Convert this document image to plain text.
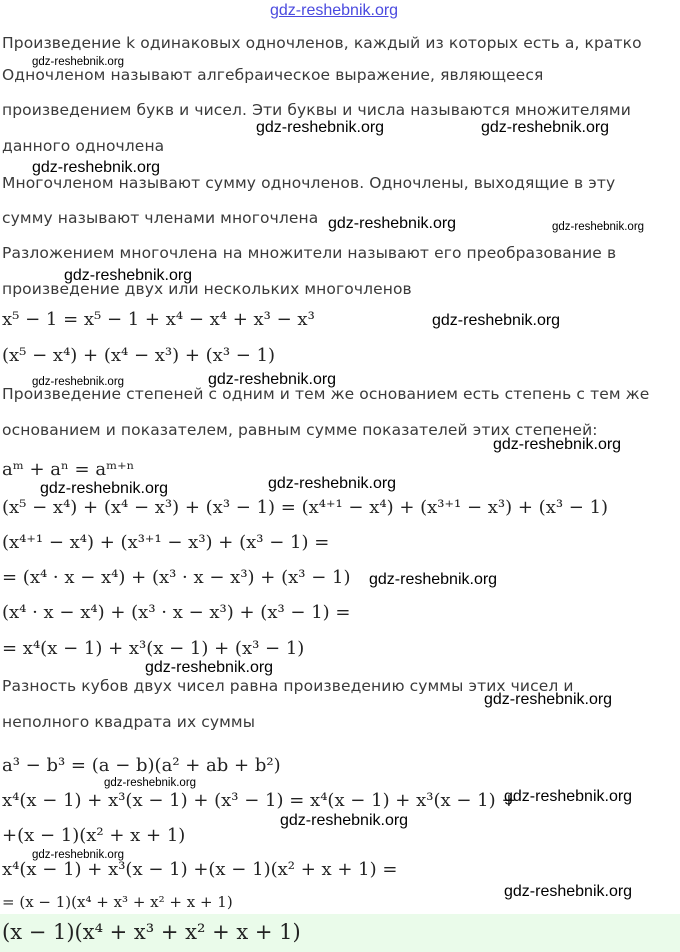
gdz-reshebnik.org
Произведение k одинаковых одночленов, каждый из которых есть a, кратко
Одночленом называют алгебраическое выражение, являющееся
произведением букв и чисел. Эти буквы и числа называются множителями
данного одночлена
Многочленом называют сумму одночленов. Одночлены, выходящие в эту
сумму называют членами многочлена
Разложением многочлена на множители называют его преобразование в
произведение двух или нескольких многочленов
x⁵ − 1 = x⁵ − 1 + x⁴ − x⁴ + x³ − x³
(x⁵ − x⁴) + (x⁴ − x³) + (x³ − 1)
Произведение степеней с одним и тем же основанием есть степень с тем же
основанием и показателем, равным сумме показателей этих степеней:
aᵐ + aⁿ = aᵐ⁺ⁿ
(x⁵ − x⁴) + (x⁴ − x³) + (x³ − 1) = (x⁴⁺¹ − x⁴) + (x³⁺¹ − x³) + (x³ − 1)
(x⁴⁺¹ − x⁴) + (x³⁺¹ − x³) + (x³ − 1) =
= (x⁴ · x − x⁴) + (x³ · x − x³) + (x³ − 1)
(x⁴ · x − x⁴) + (x³ · x − x³) + (x³ − 1) =
= x⁴(x − 1) + x³(x − 1) + (x³ − 1)
Разность кубов двух чисел равна произведению суммы этих чисел и
неполного квадрата их суммы
a³ − b³ = (a − b)(a² + ab + b²)
x⁴(x − 1) + x³(x − 1) + (x³ − 1) = x⁴(x − 1) + x³(x − 1) +
+(x − 1)(x² + x + 1)
x⁴(x − 1) + x³(x − 1) +(x − 1)(x² + x + 1) =
= (x − 1)(x⁴ + x³ + x² + x + 1)
(x − 1)(x⁴ + x³ + x² + x + 1)
gdz-reshebnik.org
gdz-reshebnik.org	gdz-reshebnik.org
gdz-reshebnik.org
gdz-reshebnik.org	gdz-reshebnik.org
gdz-reshebnik.org
gdz-reshebnik.org
gdz-reshebnik.org	gdz-reshebnik.org
gdz-reshebnik.org
gdz-reshebnik.org	gdz-reshebnik.org
gdz-reshebnik.org
gdz-reshebnik.org
gdz-reshebnik.org
gdz-reshebnik.org
gdz-reshebnik.org
gdz-reshebnik.org
gdz-reshebnik.org
gdz-reshebnik.org
